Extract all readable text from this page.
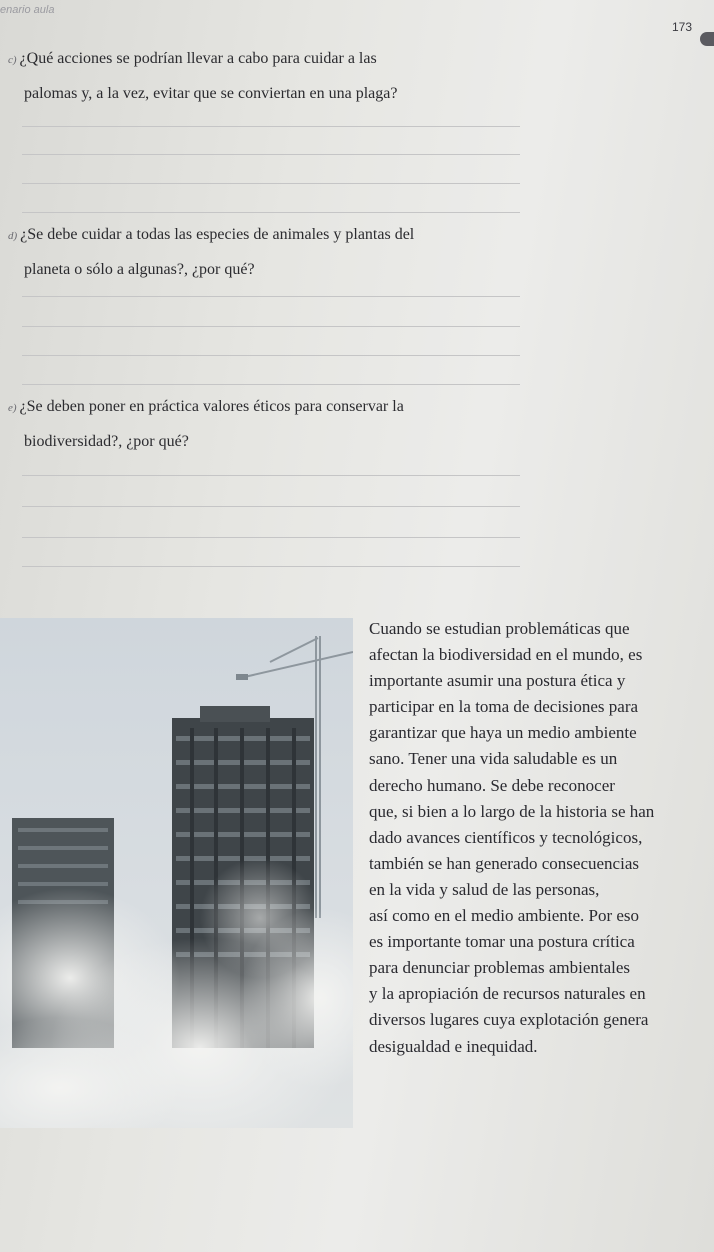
enario aula
173
c) ¿Qué acciones se podrían llevar a cabo para cuidar a las
palomas y, a la vez, evitar que se conviertan en una plaga?
d) ¿Se debe cuidar a todas las especies de animales y plantas del
planeta o sólo a algunas?, ¿por qué?
e) ¿Se deben poner en práctica valores éticos para conservar la
biodiversidad?, ¿por qué?
Cuando se estudian problemáticas que
afectan la biodiversidad en el mundo, es
importante asumir una postura ética y
participar en la toma de decisiones para
garantizar que haya un medio ambiente
sano. Tener una vida saludable es un
derecho humano. Se debe reconocer
que, si bien a lo largo de la historia se han
dado avances científicos y tecnológicos,
también se han generado consecuencias
en la vida y salud de las personas,
así como en el medio ambiente. Por eso
es importante tomar una postura crítica
para denunciar problemas ambientales
y la apropiación de recursos naturales en
diversos lugares cuya explotación genera
desigualdad e inequidad.
